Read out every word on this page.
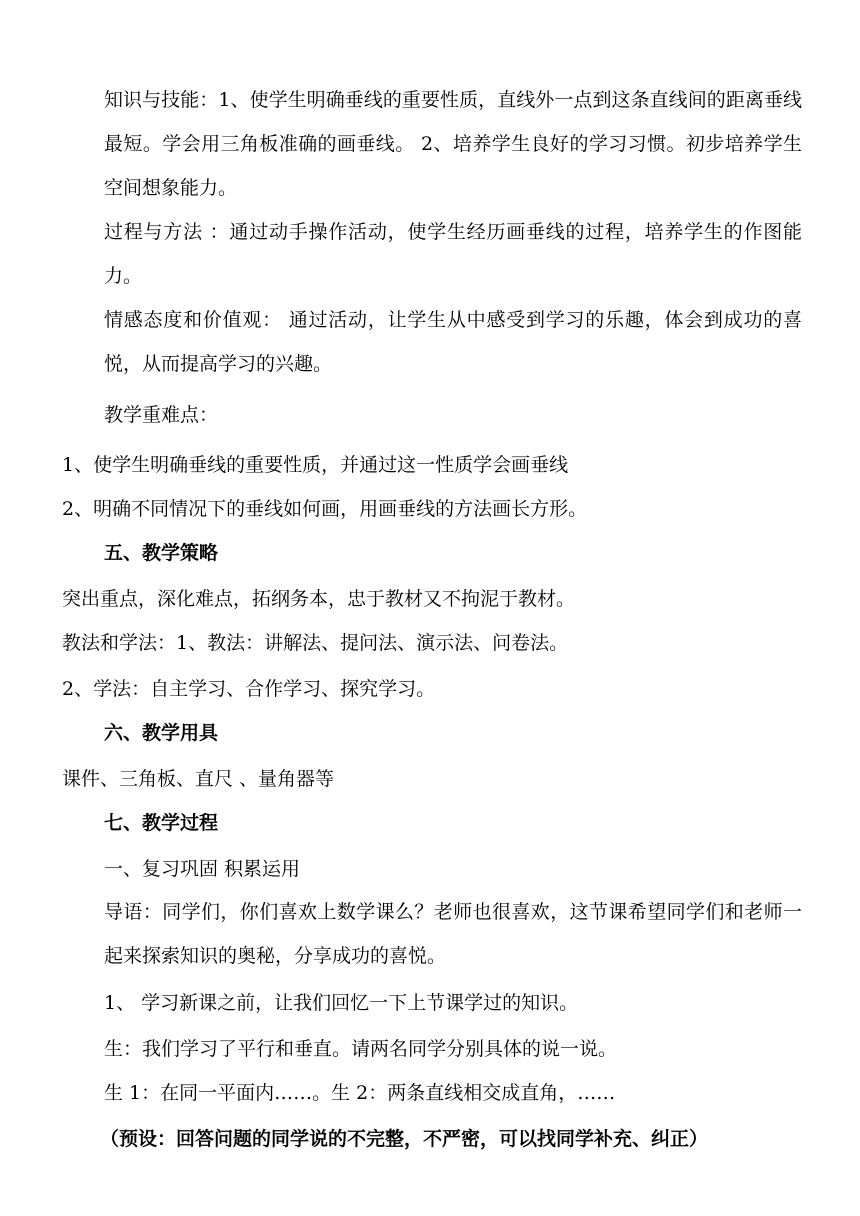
知识与技能：1、使学生明确垂线的重要性质，直线外一点到这条直线间的距离垂线最短。学会用三角板准确的画垂线。 2、培养学生良好的学习习惯。初步培养学生空间想象能力。

过程与方法 ：通过动手操作活动，使学生经历画垂线的过程，培养学生的作图能力。

情感态度和价值观： 通过活动，让学生从中感受到学习的乐趣，体会到成功的喜悦，从而提高学习的兴趣。

教学重难点：

1、使学生明确垂线的重要性质，并通过这一性质学会画垂线

2、明确不同情况下的垂线如何画，用画垂线的方法画长方形。

五、教学策略

突出重点，深化难点，拓纲务本，忠于教材又不拘泥于教材。

教法和学法：1、教法：讲解法、提问法、演示法、问卷法。

2、学法：自主学习、合作学习、探究学习。

六、教学用具

课件、三角板、直尺 、量角器等

七、教学过程

一、复习巩固 积累运用

导语：同学们，你们喜欢上数学课么？老师也很喜欢，这节课希望同学们和老师一起来探索知识的奥秘，分享成功的喜悦。

1、 学习新课之前，让我们回忆一下上节课学过的知识。

生：我们学习了平行和垂直。请两名同学分别具体的说一说。

生 1：在同一平面内……。生 2：两条直线相交成直角，……

（预设：回答问题的同学说的不完整，不严密，可以找同学补充、纠正）
